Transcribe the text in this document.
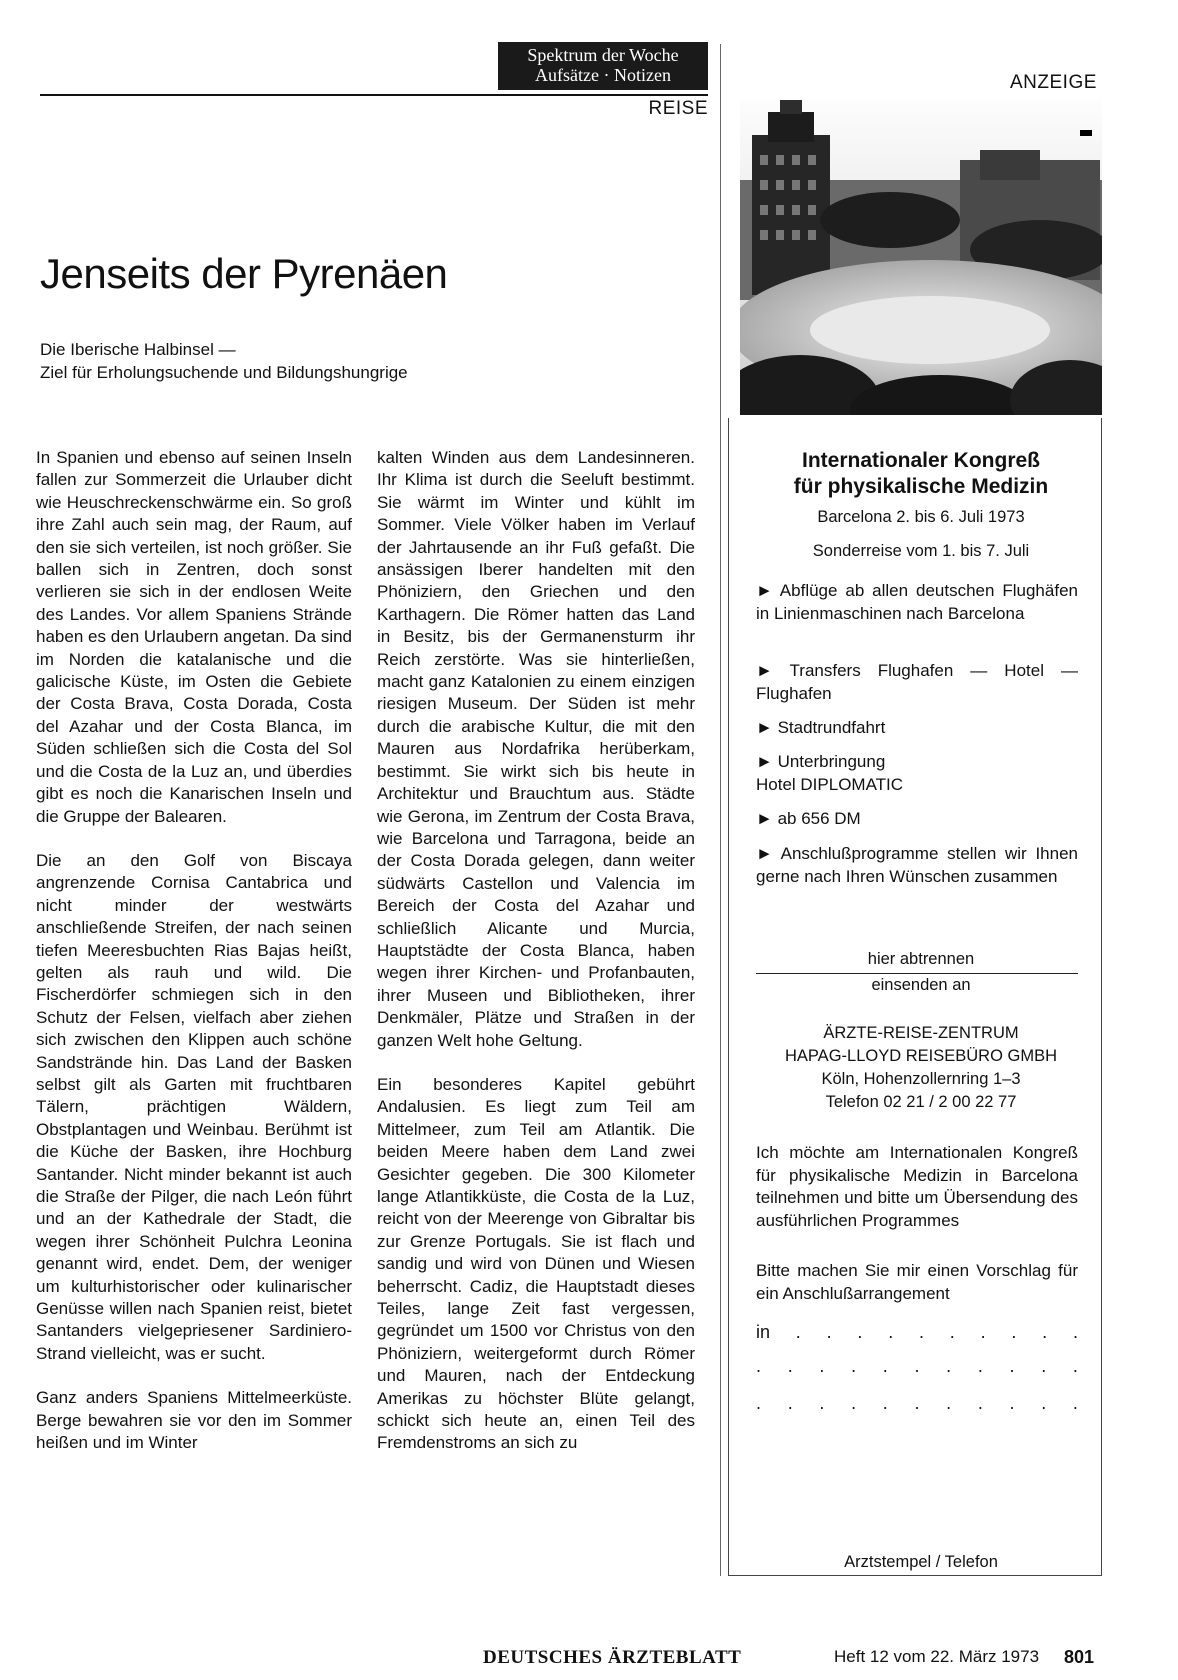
Spektrum der Woche
Aufsätze · Notizen
REISE
Jenseits der Pyrenäen
Die Iberische Halbinsel —
Ziel für Erholungsuchende und Bildungshungrige

In Spanien und ebenso auf seinen Inseln fallen zur Sommerzeit die Urlauber dicht wie Heuschreckenschwärme ein. So groß ihre Zahl auch sein mag, der Raum, auf den sie sich verteilen, ist noch größer. Sie ballen sich in Zentren, doch sonst verlieren sie sich in der endlosen Weite des Landes. Vor allem Spaniens Strände haben es den Urlaubern angetan. Da sind im Norden die katalanische und die galicische Küste, im Osten die Gebiete der Costa Brava, Costa Dorada, Costa del Azahar und der Costa Blanca, im Süden schließen sich die Costa del Sol und die Costa de la Luz an, und überdies gibt es noch die Kanarischen Inseln und die Gruppe der Balearen.

Die an den Golf von Biscaya angrenzende Cornisa Cantabrica und nicht minder der westwärts anschließende Streifen, der nach seinen tiefen Meeresbuchten Rias Bajas heißt, gelten als rauh und wild. Die Fischerdörfer schmiegen sich in den Schutz der Felsen, vielfach aber ziehen sich zwischen den Klippen auch schöne Sandstrände hin. Das Land der Basken selbst gilt als Garten mit fruchtbaren Tälern, prächtigen Wäldern, Obstplantagen und Weinbau. Berühmt ist die Küche der Basken, ihre Hochburg Santander. Nicht minder bekannt ist auch die Straße der Pilger, die nach León führt und an der Kathedrale der Stadt, die wegen ihrer Schönheit Pulchra Leonina genannt wird, endet. Dem, der weniger um kulturhistorischer oder kulinarischer Genüsse willen nach Spanien reist, bietet Santanders vielgepriesener Sardiniero-Strand vielleicht, was er sucht.

Ganz anders Spaniens Mittelmeerküste. Berge bewahren sie vor den im Sommer heißen und im Winter

kalten Winden aus dem Landesinneren. Ihr Klima ist durch die Seeluft bestimmt. Sie wärmt im Winter und kühlt im Sommer. Viele Völker haben im Verlauf der Jahrtausende an ihr Fuß gefaßt. Die ansässigen Iberer handelten mit den Phöniziern, den Griechen und den Karthagern. Die Römer hatten das Land in Besitz, bis der Germanensturm ihr Reich zerstörte. Was sie hinterließen, macht ganz Katalonien zu einem einzigen riesigen Museum. Der Süden ist mehr durch die arabische Kultur, die mit den Mauren aus Nordafrika herüberkam, bestimmt. Sie wirkt sich bis heute in Architektur und Brauchtum aus. Städte wie Gerona, im Zentrum der Costa Brava, wie Barcelona und Tarragona, beide an der Costa Dorada gelegen, dann weiter südwärts Castellon und Valencia im Bereich der Costa del Azahar und schließlich Alicante und Murcia, Hauptstädte der Costa Blanca, haben wegen ihrer Kirchen- und Profanbauten, ihrer Museen und Bibliotheken, ihrer Denkmäler, Plätze und Straßen in der ganzen Welt hohe Geltung.

Ein besonderes Kapitel gebührt Andalusien. Es liegt zum Teil am Mittelmeer, zum Teil am Atlantik. Die beiden Meere haben dem Land zwei Gesichter gegeben. Die 300 Kilometer lange Atlantikküste, die Costa de la Luz, reicht von der Meerenge von Gibraltar bis zur Grenze Portugals. Sie ist flach und sandig und wird von Dünen und Wiesen beherrscht. Cadiz, die Hauptstadt dieses Teiles, lange Zeit fast vergessen, gegründet um 1500 vor Christus von den Phöniziern, weitergeformt durch Römer und Mauren, nach der Entdeckung Amerikas zu höchster Blüte gelangt, schickt sich heute an, einen Teil des Fremdenstroms an sich zu

ANZEIGE
Internationaler Kongreß
für physikalische Medizin
Barcelona 2. bis 6. Juli 1973
Sonderreise vom 1. bis 7. Juli
► Abflüge ab allen deutschen Flughäfen in Linienmaschinen nach Barcelona
► Transfers Flughafen — Hotel — Flughafen
► Stadtrundfahrt
► Unterbringung
Hotel DIPLOMATIC
► ab 656 DM
► Anschlußprogramme stellen wir Ihnen gerne nach Ihren Wünschen zusammen
hier abtrennen
einsenden an
ÄRZTE-REISE-ZENTRUM
HAPAG-LLOYD REISEBÜRO GMBH
Köln, Hohenzollernring 1–3
Telefon 02 21 / 2 00 22 77
Ich möchte am Internationalen Kongreß für physikalische Medizin in Barcelona teilnehmen und bitte um Übersendung des ausführlichen Programmes
Bitte machen Sie mir einen Vorschlag für ein Anschlußarrangement
in . . . . . . . . . .
. . . . . . . . . . .
. . . . . . . . . . .
Arztstempel / Telefon
DEUTSCHES ÄRZTEBLATT	Heft 12 vom 22. März 1973 801
